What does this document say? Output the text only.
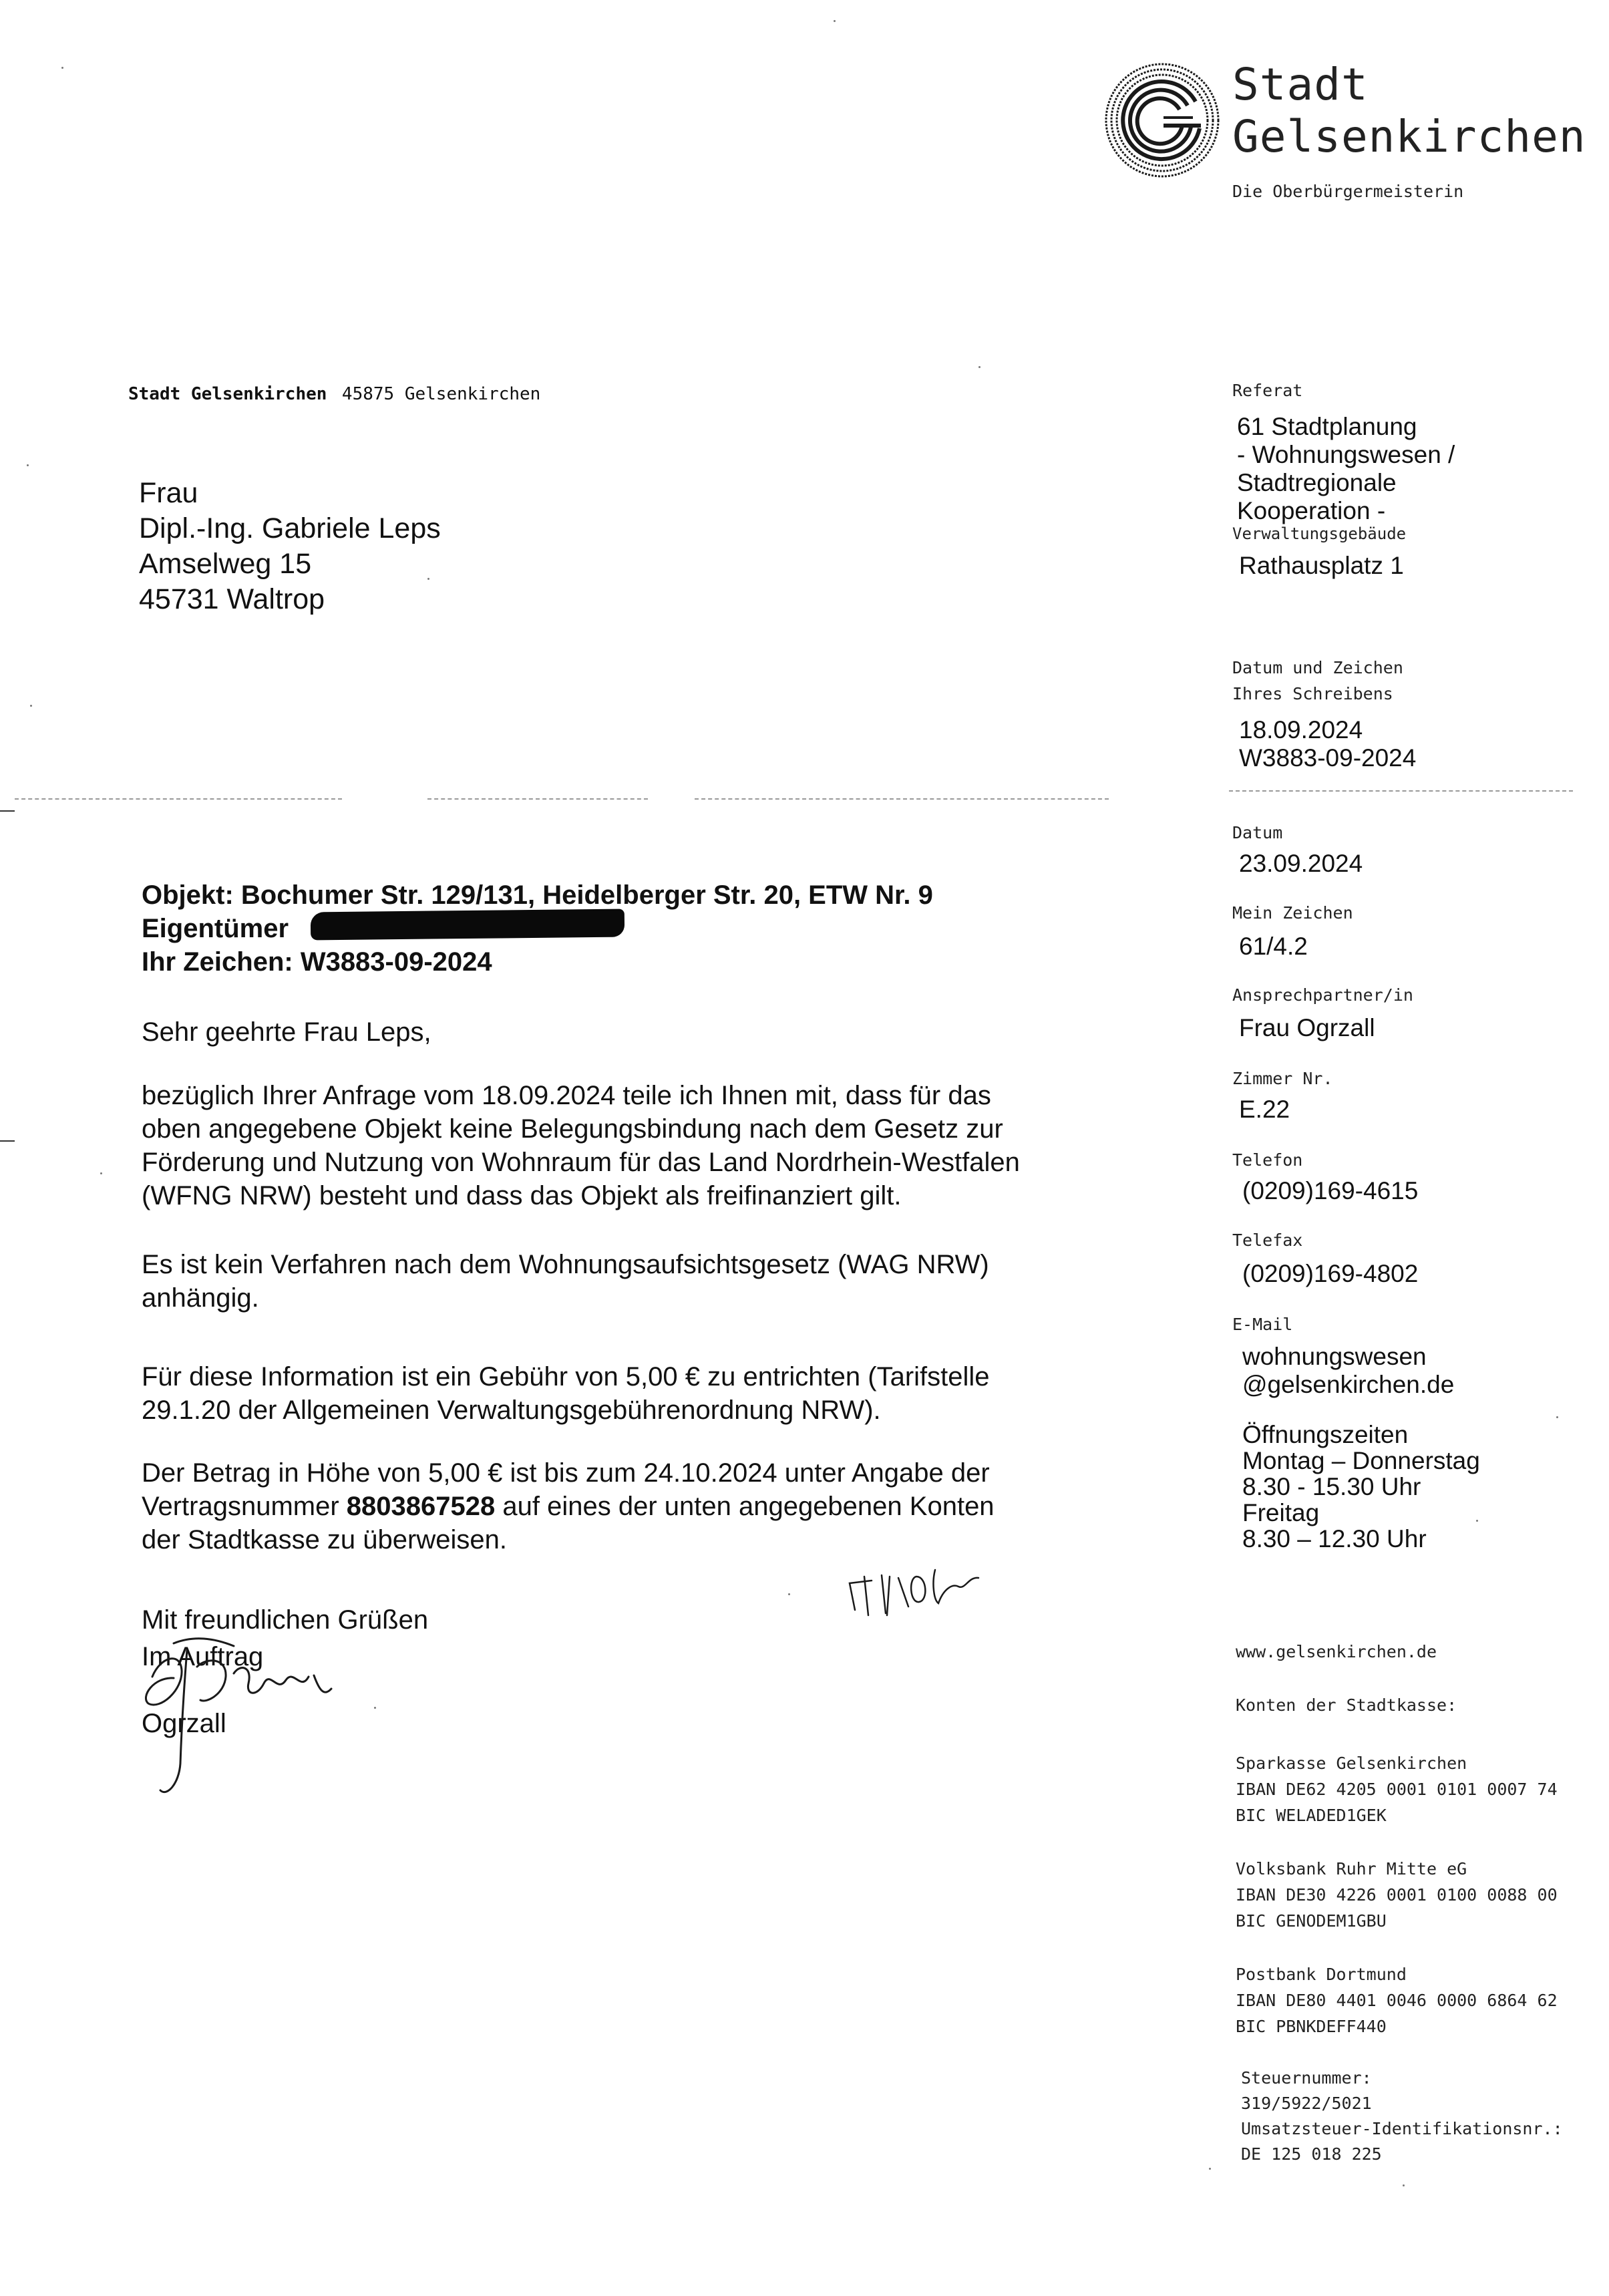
Stadt
Gelsenkirchen
Die Oberbürgermeisterin
Stadt Gelsenkirchen 45875 Gelsenkirchen
Frau
Dipl.-Ing. Gabriele Leps
Amselweg 15
45731 Waltrop
Referat
61 Stadtplanung
- Wohnungswesen /
Stadtregionale
Kooperation -
Verwaltungsgebäude
Rathausplatz 1
Datum und Zeichen
Ihres Schreibens
18.09.2024
W3883-09-2024
Datum
23.09.2024
Mein Zeichen
61/4.2
Ansprechpartner/in
Frau Ogrzall
Zimmer Nr.
E.22
Telefon
(0209)169-4615
Telefax
(0209)169-4802
E-Mail
wohnungswesen
@gelsenkirchen.de
Öffnungszeiten
Montag – Donnerstag
8.30 - 15.30 Uhr
Freitag
8.30 – 12.30 Uhr
www.gelsenkirchen.de
Konten der Stadtkasse:
Sparkasse Gelsenkirchen
IBAN DE62 4205 0001 0101 0007 74
BIC WELADED1GEK
Volksbank Ruhr Mitte eG
IBAN DE30 4226 0001 0100 0088 00
BIC GENODEM1GBU
Postbank Dortmund
IBAN DE80 4401 0046 0000 6864 62
BIC PBNKDEFF440
Steuernummer:
319/5922/5021
Umsatzsteuer-Identifikationsnr.:
DE 125 018 225
Objekt: Bochumer Str. 129/131, Heidelberger Str. 20, ETW Nr. 9
Eigentümer
Ihr Zeichen: W3883-09-2024
Sehr geehrte Frau Leps,
bezüglich Ihrer Anfrage vom 18.09.2024 teile ich Ihnen mit, dass für das
oben angegebene Objekt keine Belegungsbindung nach dem Gesetz zur
Förderung und Nutzung von Wohnraum für das Land Nordrhein-Westfalen
(WFNG NRW) besteht und dass das Objekt als freifinanziert gilt.
Es ist kein Verfahren nach dem Wohnungsaufsichtsgesetz (WAG NRW)
anhängig.
Für diese Information ist ein Gebühr von 5,00 € zu entrichten (Tarifstelle
29.1.20 der Allgemeinen Verwaltungsgebührenordnung NRW).
Der Betrag in Höhe von 5,00 € ist bis zum 24.10.2024 unter Angabe der
Vertragsnummer 8803867528 auf eines der unten angegebenen Konten
der Stadtkasse zu überweisen.
Mit freundlichen Grüßen
Im Auftrag
Ogrzall
